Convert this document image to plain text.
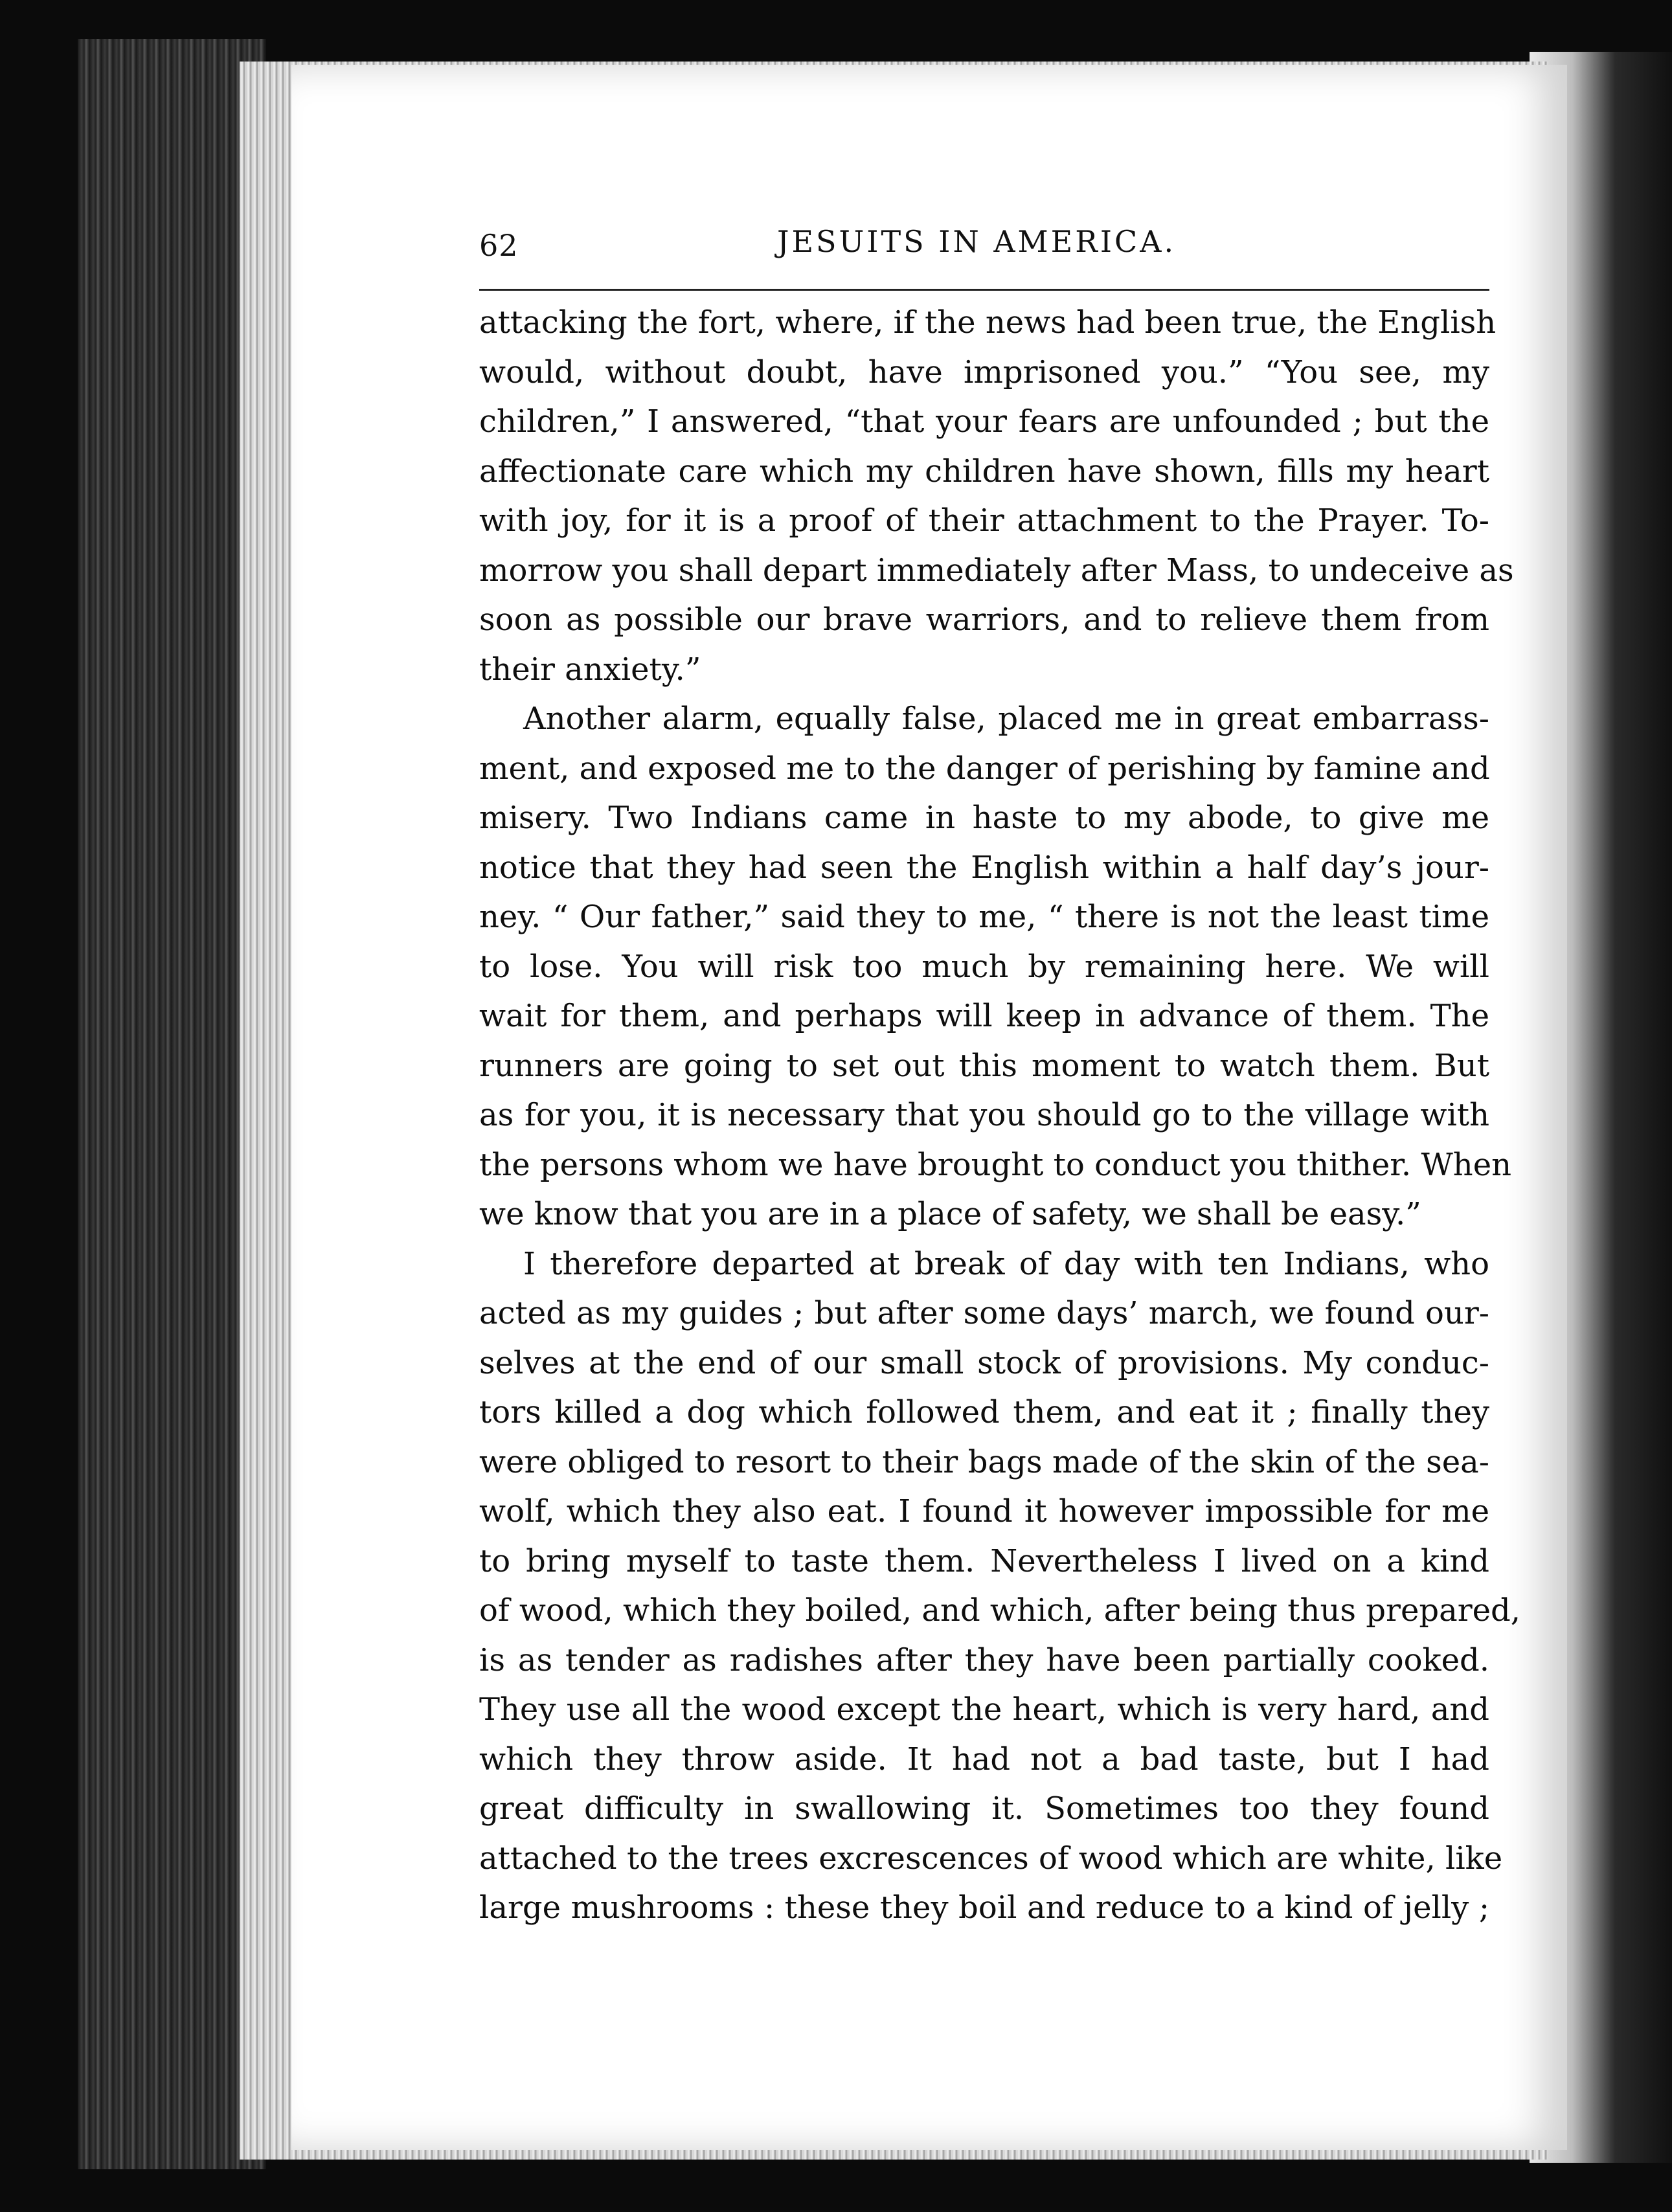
62	JESUITS IN AMERICA.
attacking the fort, where, if the news had been true, the English
would, without doubt, have imprisoned you.” “You see, my
children,” I answered, “that your fears are unfounded ; but the
affectionate care which my children have shown, fills my heart
with joy, for it is a proof of their attachment to the Prayer. To-
morrow you shall depart immediately after Mass, to undeceive as
soon as possible our brave warriors, and to relieve them from
their anxiety.”
Another alarm, equally false, placed me in great embarrass-
ment, and exposed me to the danger of perishing by famine and
misery. Two Indians came in haste to my abode, to give me
notice that they had seen the English within a half day’s jour-
ney. “ Our father,” said they to me, “ there is not the least time
to lose. You will risk too much by remaining here. We will
wait for them, and perhaps will keep in advance of them. The
runners are going to set out this moment to watch them. But
as for you, it is necessary that you should go to the village with
the persons whom we have brought to conduct you thither. When
we know that you are in a place of safety, we shall be easy.”
I therefore departed at break of day with ten Indians, who
acted as my guides ; but after some days’ march, we found our-
selves at the end of our small stock of provisions. My conduc-
tors killed a dog which followed them, and eat it ; finally they
were obliged to resort to their bags made of the skin of the sea-
wolf, which they also eat. I found it however impossible for me
to bring myself to taste them. Nevertheless I lived on a kind
of wood, which they boiled, and which, after being thus prepared,
is as tender as radishes after they have been partially cooked.
They use all the wood except the heart, which is very hard, and
which they throw aside. It had not a bad taste, but I had
great difficulty in swallowing it. Sometimes too they found
attached to the trees excrescences of wood which are white, like
large mushrooms : these they boil and reduce to a kind of jelly ;
